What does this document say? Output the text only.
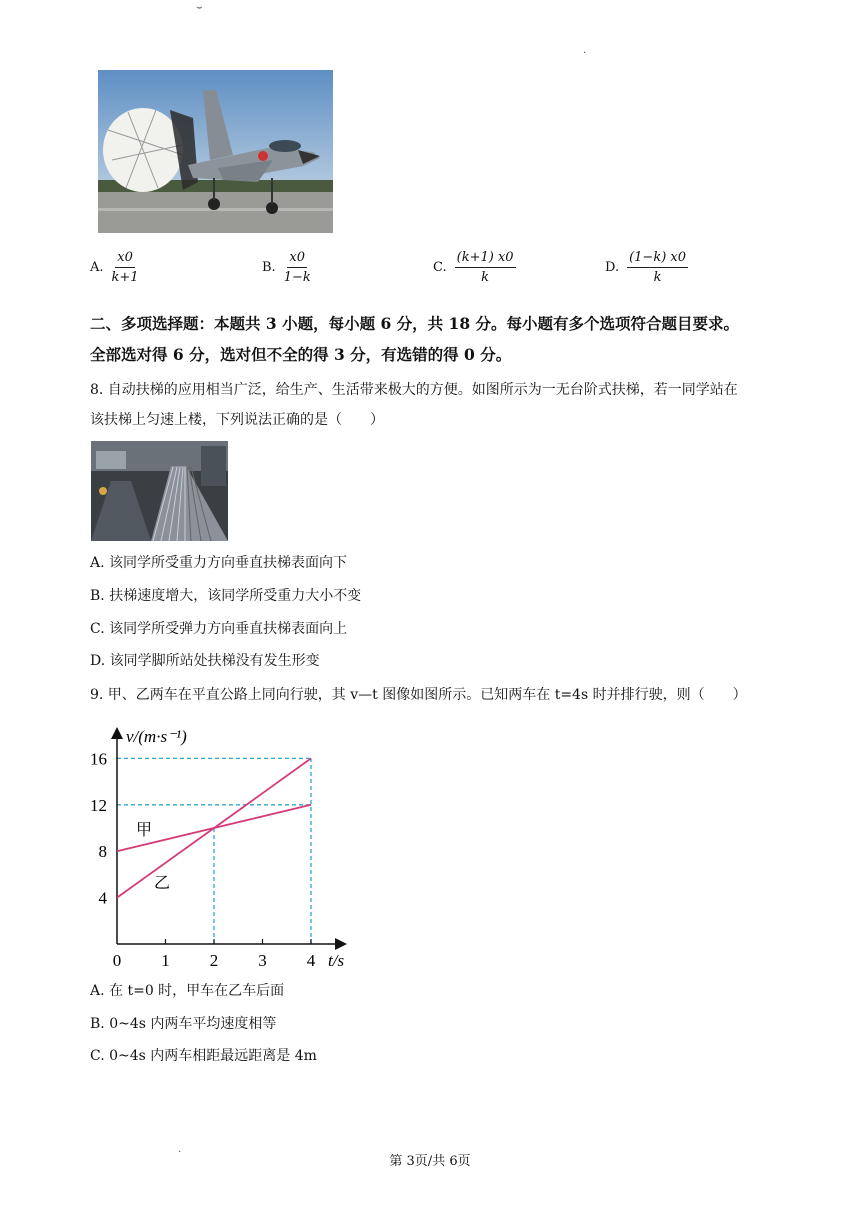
⌣
·
A. $\frac{x0}{k+1}$	B. $\frac{x0}{1-k}$	C. $\frac{(k+1) x0}{k}$	D. $\frac{(1-k) x0}{k}$
二、多项选择题：本题共 3 小题，每小题 6 分，共 18 分。每小题有多个选项符合题目要求。
全部选对得 6 分，选对但不全的得 3 分，有选错的得 0 分。
8. 自动扶梯的应用相当广泛，给生产、生活带来极大的方便。如图所示为一无台阶式扶梯，若一同学站在
该扶梯上匀速上楼，下列说法正确的是（　　）
A. 该同学所受重力方向垂直扶梯表面向下
B. 扶梯速度增大，该同学所受重力大小不变
C. 该同学所受弹力方向垂直扶梯表面向上
D. 该同学脚所站处扶梯没有发生形变
9. 甲、乙两车在平直公路上同向行驶，其 v—t 图像如图所示。已知两车在 t=4s 时并排行驶，则（　　）
0 1 2 3 4
4
8
12
16
v/(m·s⁻¹)
t/s
甲
乙
A. 在 t=0 时，甲车在乙车后面
B. 0~4s 内两车平均速度相等
C. 0~4s 内两车相距最远距离是 4m
·
第 3页/共 6页
